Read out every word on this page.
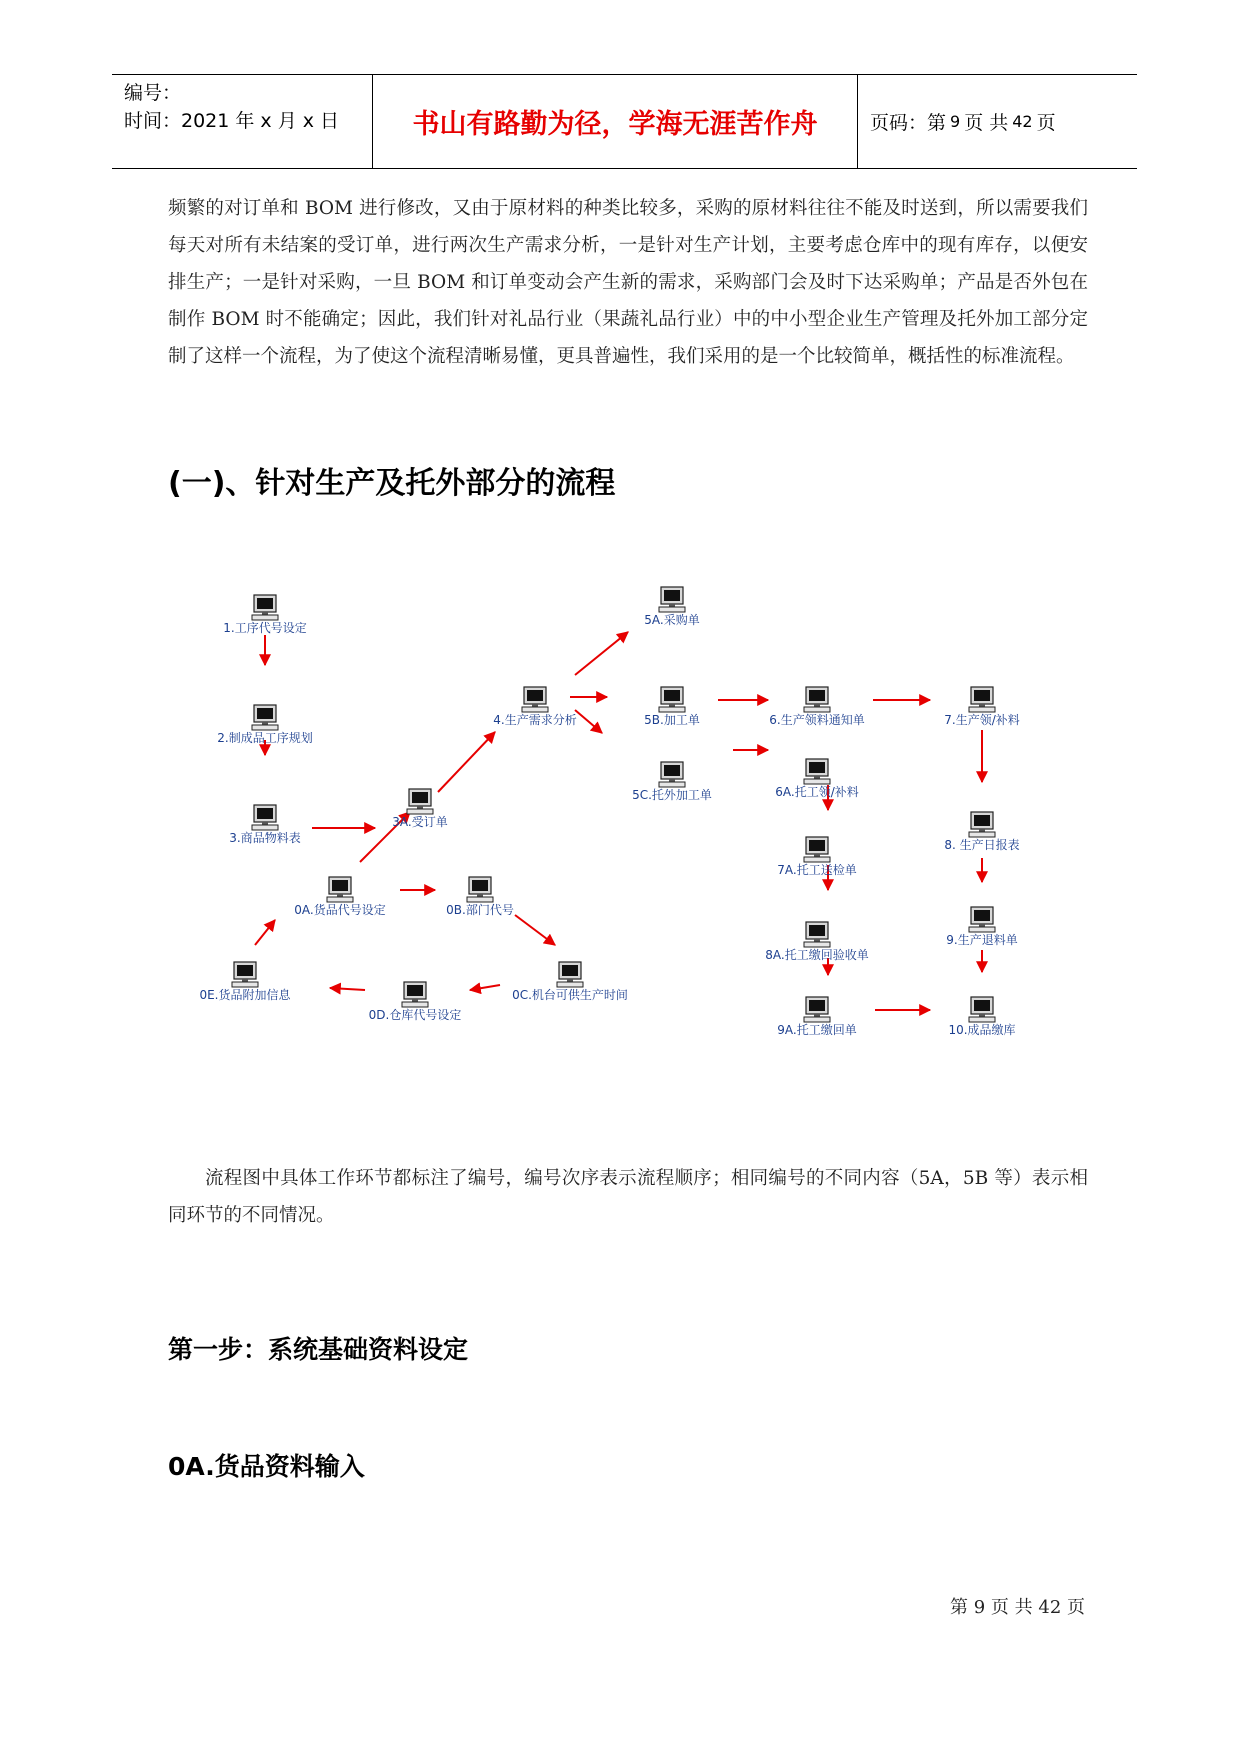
编号：
时间：2021 年 x 月 x 日	书山有路勤为径，学海无涯苦作舟	页码：第 9 页 共 42 页

频繁的对订单和 BOM 进行修改，又由于原材料的种类比较多，采购的原材料往往不能及时送到，所以需要我们每天对所有未结案的受订单，进行两次生产需求分析，一是针对生产计划，主要考虑仓库中的现有库存，以便安排生产；一是针对采购，一旦 BOM 和订单变动会产生新的需求，采购部门会及时下达采购单；产品是否外包在制作 BOM 时不能确定；因此，我们针对礼品行业（果蔬礼品行业）中的中小型企业生产管理及托外加工部分定制了这样一个流程，为了使这个流程清晰易懂，更具普遍性，我们采用的是一个比较简单，概括性的标准流程。

(一)、针对生产及托外部分的流程
1.工序代号设定
2.制成品工序规划
3.商品物料表
3A.受订单
4.生产需求分析
5A.采购单
5B.加工单
5C.托外加工单
6.生产领料通知单
6A.托工领/补料
7.生产领/补料
7A.托工送检单
8. 生产日报表
8A.托工缴回验收单
9.生产退料单
9A.托工缴回单	10.成品缴库
0A.货品代号设定	0B.部门代号
0C.机台可供生产时间
0D.仓库代号设定
0E.货品附加信息

流程图中具体工作环节都标注了编号，编号次序表示流程顺序；相同编号的不同内容（5A，5B 等）表示相同环节的不同情况。

第一步：系统基础资料设定
0A.货品资料输入
第 9 页 共 42 页
